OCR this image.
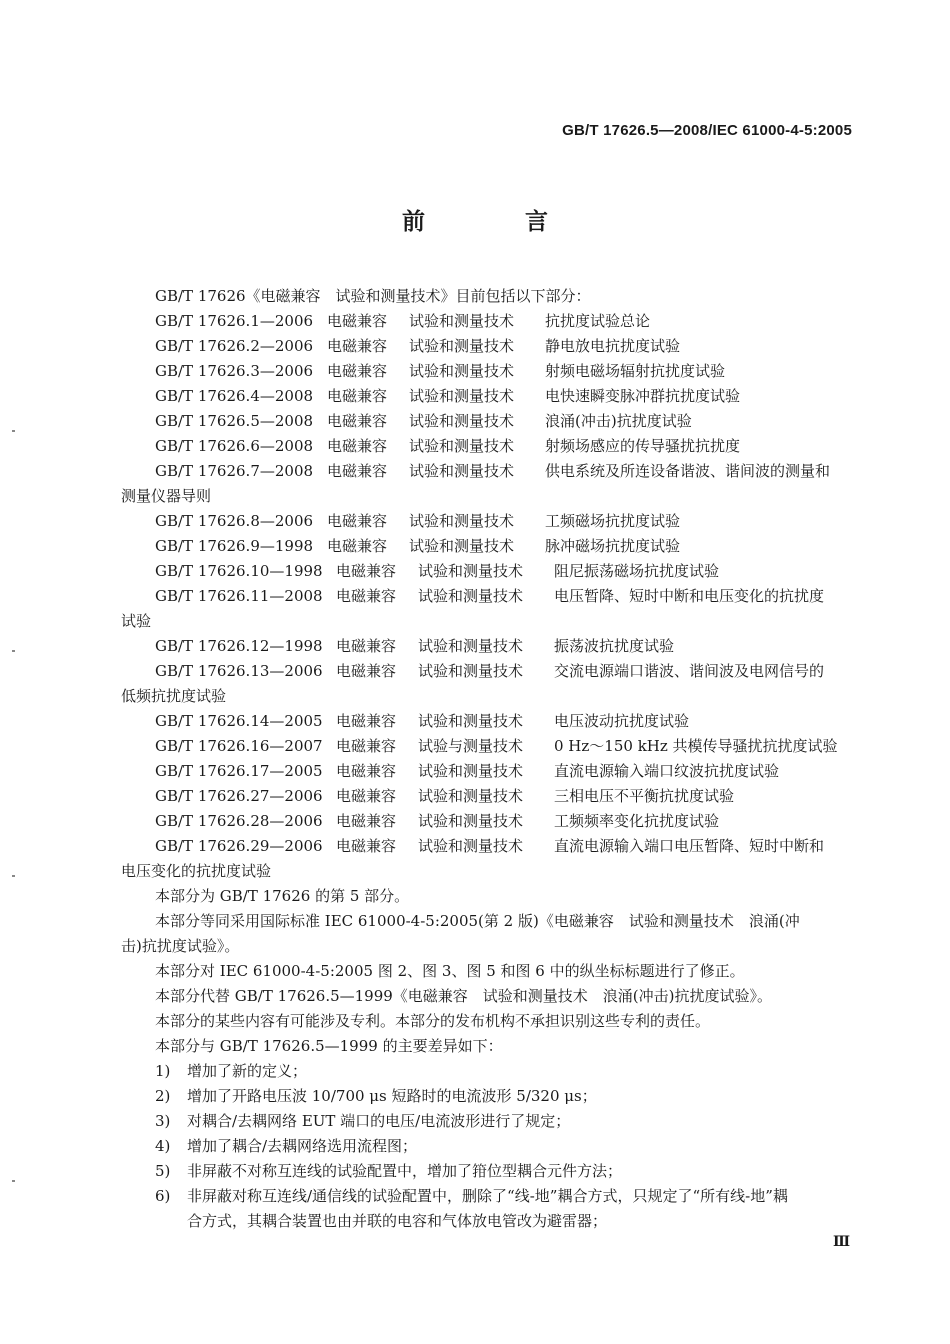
GB/T 17626.5—2008/IEC 61000-4-5:2005
前 言
GB/T 17626《电磁兼容　试验和测量技术》目前包括以下部分：
GB/T 17626.1—2006 电磁兼容 试验和测量技术 抗扰度试验总论
GB/T 17626.2—2006 电磁兼容 试验和测量技术 静电放电抗扰度试验
GB/T 17626.3—2006 电磁兼容 试验和测量技术 射频电磁场辐射抗扰度试验
GB/T 17626.4—2008 电磁兼容 试验和测量技术 电快速瞬变脉冲群抗扰度试验
GB/T 17626.5—2008 电磁兼容 试验和测量技术 浪涌(冲击)抗扰度试验
GB/T 17626.6—2008 电磁兼容 试验和测量技术 射频场感应的传导骚扰抗扰度
GB/T 17626.7—2008 电磁兼容 试验和测量技术 供电系统及所连设备谐波、谐间波的测量和
测量仪器导则
GB/T 17626.8—2006 电磁兼容 试验和测量技术 工频磁场抗扰度试验
GB/T 17626.9—1998 电磁兼容 试验和测量技术 脉冲磁场抗扰度试验
GB/T 17626.10—1998 电磁兼容 试验和测量技术 阻尼振荡磁场抗扰度试验
GB/T 17626.11—2008 电磁兼容 试验和测量技术 电压暂降、短时中断和电压变化的抗扰度
试验
GB/T 17626.12—1998 电磁兼容 试验和测量技术 振荡波抗扰度试验
GB/T 17626.13—2006 电磁兼容 试验和测量技术 交流电源端口谐波、谐间波及电网信号的
低频抗扰度试验
GB/T 17626.14—2005 电磁兼容 试验和测量技术 电压波动抗扰度试验
GB/T 17626.16—2007 电磁兼容 试验与测量技术 0 Hz～150 kHz 共模传导骚扰抗扰度试验
GB/T 17626.17—2005 电磁兼容 试验和测量技术 直流电源输入端口纹波抗扰度试验
GB/T 17626.27—2006 电磁兼容 试验和测量技术 三相电压不平衡抗扰度试验
GB/T 17626.28—2006 电磁兼容 试验和测量技术 工频频率变化抗扰度试验
GB/T 17626.29—2006 电磁兼容 试验和测量技术 直流电源输入端口电压暂降、短时中断和
电压变化的抗扰度试验
本部分为 GB/T 17626 的第 5 部分。
本部分等同采用国际标准 IEC 61000-4-5:2005(第 2 版)《电磁兼容　试验和测量技术　浪涌(冲
击)抗扰度试验》。
本部分对 IEC 61000-4-5:2005 图 2、图 3、图 5 和图 6 中的纵坐标标题进行了修正。
本部分代替 GB/T 17626.5—1999《电磁兼容　试验和测量技术　浪涌(冲击)抗扰度试验》。
本部分的某些内容有可能涉及专利。本部分的发布机构不承担识别这些专利的责任。
本部分与 GB/T 17626.5—1999 的主要差异如下：
1) 增加了新的定义；
2) 增加了开路电压波 10/700 μs 短路时的电流波形 5/320 μs；
3) 对耦合/去耦网络 EUT 端口的电压/电流波形进行了规定；
4) 增加了耦合/去耦网络选用流程图；
5) 非屏蔽不对称互连线的试验配置中，增加了箝位型耦合元件方法；
6) 非屏蔽对称互连线/通信线的试验配置中，删除了“线-地”耦合方式，只规定了“所有线-地”耦
合方式，其耦合装置也由并联的电容和气体放电管改为避雷器；
Ⅲ
